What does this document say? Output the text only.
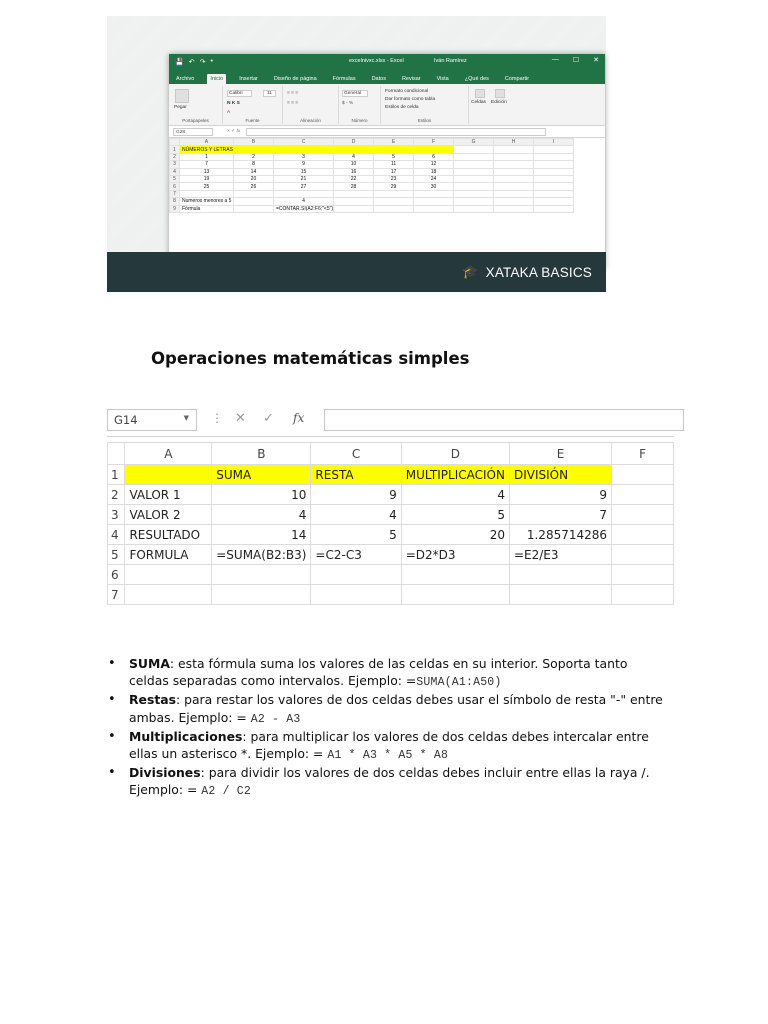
💾 ↶ ↷ •	excelnivxc.xlsx - Excel	Iván Ramírez	— ☐ ✕
Archivo	Inicio	Insertar	Diseño de página	Fórmulas	Datos	Revisar	Vista	¿Qué des	Compartir
Pegar
Portapapeles
Calibri	11
N K S
A
Fuente
≡ ≡ ≡
≡ ≡ ≡
Alineación
General
$ - %
Número
Formato condicional
Dar formato como tabla
Estilos de celda
Estilos
Celdas Edición
G28	× ✓ fx
	A	B	C	D	E	F	G	H	I
1	NÚMEROS Y LETRAS								
2	1	2	3	4	5	6			
3	7	8	9	10	11	12			
4	13	14	15	16	17	18			
5	19	20	21	22	23	24			
6	25	26	27	28	29	30			
7									
8	Numeros menores a 5		4						
9	Fórmula		=CONTAR.SI(A2:F6;"<5")						
🎓 XATAKA BASICS
Operaciones matemáticas simples
G14	▼ ⋮ ✕ ✓ fx
	A	B	C	D	E	F
1		SUMA	RESTA	MULTIPLICACIÓN	DIVISIÓN	
2	VALOR 1	10	9	4	9	
3	VALOR 2	4	4	5	7	
4	RESULTADO	14	5	20	1.285714286	
5	FORMULA	=SUMA(B2:B3)	=C2-C3	=D2*D3	=E2/E3	
6						
7						
• SUMA: esta fórmula suma los valores de las celdas en su interior. Soporta tanto celdas separadas como intervalos. Ejemplo: =SUMA(A1:A50)
• Restas: para restar los valores de dos celdas debes usar el símbolo de resta "-" entre ambas. Ejemplo: = A2 - A3
• Multiplicaciones: para multiplicar los valores de dos celdas debes intercalar entre ellas un asterisco *. Ejemplo: = A1 * A3 * A5 * A8
• Divisiones: para dividir los valores de dos celdas debes incluir entre ellas la raya /. Ejemplo: = A2 / C2
